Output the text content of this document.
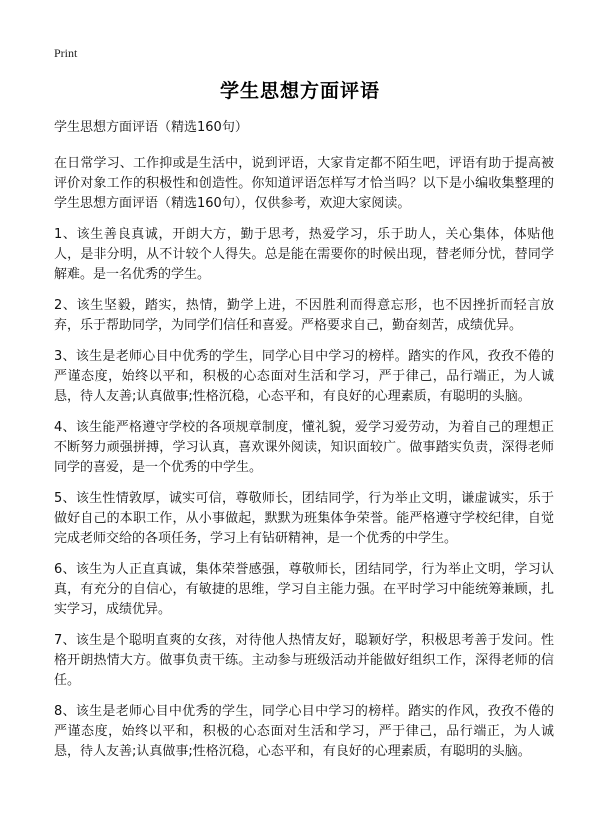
Print
学生思想方面评语
学生思想方面评语（精选160句）

在日常学习、工作抑或是生活中，说到评语，大家肯定都不陌生吧，评语有助于提高被评价对象工作的积极性和创造性。你知道评语怎样写才恰当吗？以下是小编收集整理的学生思想方面评语（精选160句），仅供参考，欢迎大家阅读。

1、该生善良真诚，开朗大方，勤于思考，热爱学习，乐于助人，关心集体，体贴他人，是非分明，从不计较个人得失。总是能在需要你的时候出现，替老师分忧，替同学解难。是一名优秀的学生。

2、该生坚毅，踏实，热情，勤学上进，不因胜利而得意忘形，也不因挫折而轻言放弃，乐于帮助同学，为同学们信任和喜爱。严格要求自己，勤奋刻苦，成绩优异。

3、该生是老师心目中优秀的学生，同学心目中学习的榜样。踏实的作风，孜孜不倦的严谨态度，始终以平和，积极的心态面对生活和学习，严于律己，品行端正，为人诚恳，待人友善;认真做事;性格沉稳，心态平和，有良好的心理素质，有聪明的头脑。

4、该生能严格遵守学校的各项规章制度，懂礼貌，爱学习爱劳动，为着自己的理想正不断努力顽强拼搏，学习认真，喜欢课外阅读，知识面较广。做事踏实负责，深得老师同学的喜爱，是一个优秀的中学生。

5、该生性情敦厚，诚实可信，尊敬师长，团结同学，行为举止文明，谦虚诚实，乐于做好自己的本职工作，从小事做起，默默为班集体争荣誉。能严格遵守学校纪律，自觉完成老师交给的各项任务，学习上有钻研精神，是一个优秀的中学生。

6、该生为人正直真诚，集体荣誉感强，尊敬师长，团结同学，行为举止文明，学习认真，有充分的自信心，有敏捷的思维，学习自主能力强。在平时学习中能统筹兼顾，扎实学习，成绩优异。

7、该生是个聪明直爽的女孩，对待他人热情友好，聪颖好学，积极思考善于发问。性格开朗热情大方。做事负责干练。主动参与班级活动并能做好组织工作，深得老师的信任。

8、该生是老师心目中优秀的学生，同学心目中学习的榜样。踏实的作风，孜孜不倦的严谨态度，始终以平和，积极的心态面对生活和学习，严于律己，品行端正，为人诚恳，待人友善;认真做事;性格沉稳，心态平和，有良好的心理素质，有聪明的头脑。
